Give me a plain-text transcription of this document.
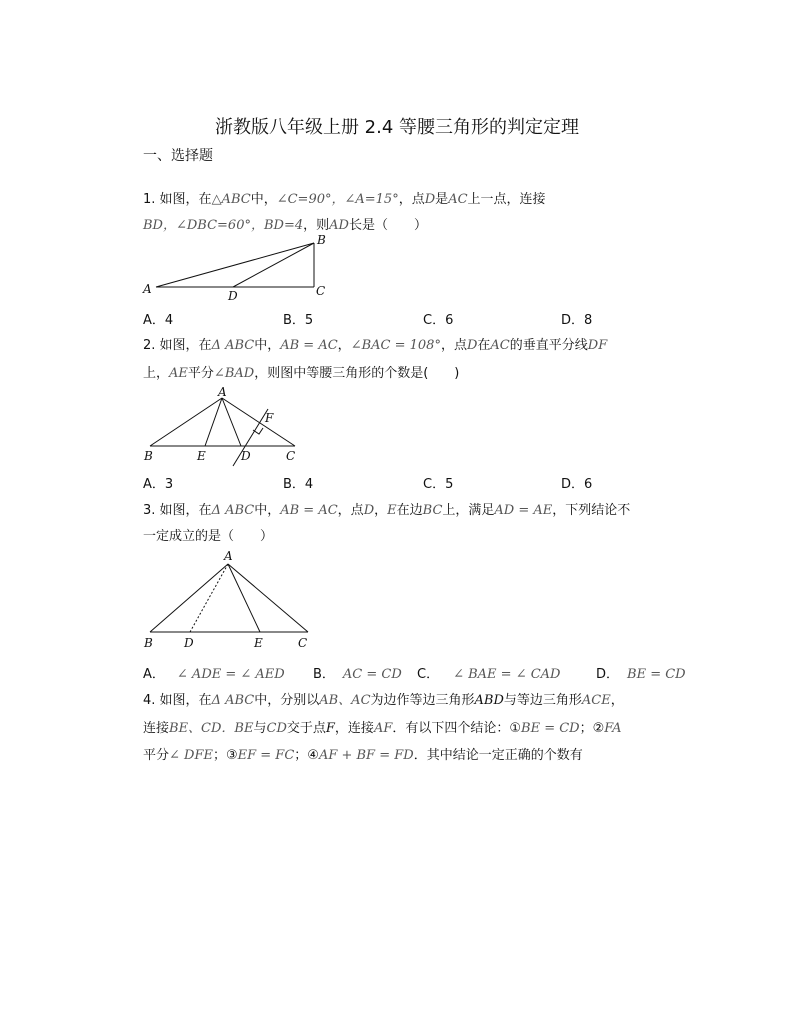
浙教版八年级上册 2.4 等腰三角形的判定定理
一、选择题
1. 如图，在△ABC中，∠C=90°，∠A=15°，点D是AC上一点，连接
BD，∠DBC=60°，BD=4，则AD长是（　　）
A
B
C
D
A．4	B．5	C．6	D．8
2. 如图，在Δ ABC中，AB = AC，∠BAC = 108°，点D在AC的垂直平分线DF
上，AE平分∠BAD，则图中等腰三角形的个数是(　　)
A
B	E	D	C
F
A．3	B．4	C．5	D．6
3. 如图，在Δ ABC中，AB = AC，点D，E在边BC上，满足AD = AE，下列结论不
一定成立的是（　　）
A
B	D	E	C
A． ∠ ADE = ∠ AED B． AC = CD C． ∠ BAE = ∠ CAD	D． BE = CD
4. 如图，在Δ ABC中，分别以AB、AC为边作等边三角形ABD与等边三角形ACE，
连接BE、CD．BE与CD交于点F，连接AF．有以下四个结论：①BE = CD；②FA
平分∠ DFE；③EF = FC；④AF + BF = FD．其中结论一定正确的个数有
